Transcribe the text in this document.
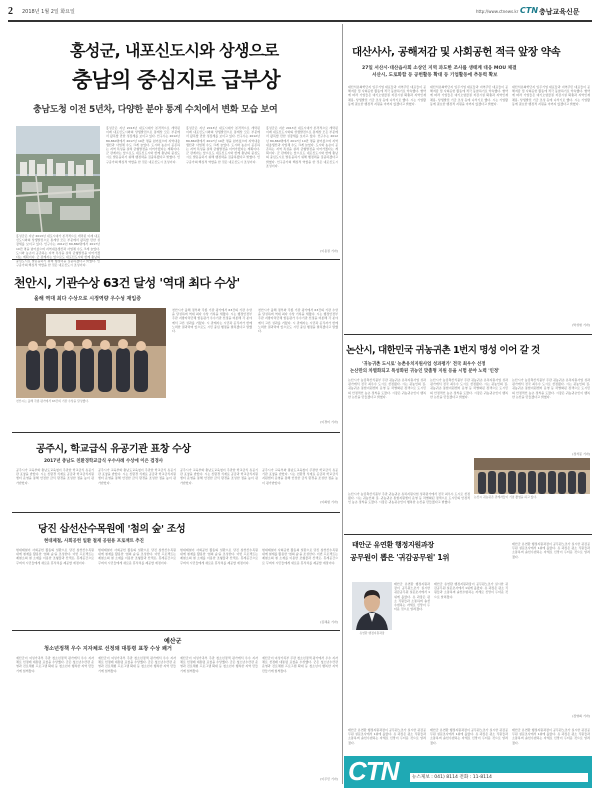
2 2018년 1월 2일 화요일	http://www.ctnews.kr CTN 충남교육신문
홍성군, 내포신도시와 상생으로
충남의 중심지로 급부상
충남도청 이전 5년차, 다양한 분야 통계 수치에서 변화 모습 보여
홍성군은 지난 2013년 내포시대가 본격적으로 개막된 이래 내포신도시와의 상생발전으로 통계상 모든 부문에서 괄목할 만한 성장세를 보이고 있다. 인구수는 2012년 89,860명에서 2017년 10만 명을 넘어섰으며 지역내총생산과 사업체 수도 크게 늘었다. 도시와 농촌이 공존하는 지역 특성을 살려 균형발전을 이어가겠다는 계획이다. 군 관계자는 앞으로도 내포신도시와 함께 충남의 중심도시로 발돋움하기 위해 행정력을 집중하겠다고 밝혔다. 인구증가의 핵심적 역할을 한 것은 내포신도시 조성이다.
홍성군은 지난 2013년 내포시대가 본격적으로 개막된 이래 내포신도시와의 상생발전으로 통계상 모든 부문에서 괄목할 만한 성장세를 보이고 있다. 인구수는 2012년 89,860명에서 2017년 10만 명을 넘어섰으며 지역내총생산과 사업체 수도 크게 늘었다. 도시와 농촌이 공존하는 지역 특성을 살려 균형발전을 이어가겠다는 계획이다. 군 관계자는 앞으로도 내포신도시와 함께 충남의 중심도시로 발돋움하기 위해 행정력을 집중하겠다고 밝혔다. 인구증가의 핵심적 역할을 한 것은 내포신도시 조성이다.
홍성군은 지난 2013년 내포시대가 본격적으로 개막된 이래 내포신도시와의 상생발전으로 통계상 모든 부문에서 괄목할 만한 성장세를 보이고 있다. 인구수는 2012년 89,860명에서 2017년 10만 명을 넘어섰으며 지역내총생산과 사업체 수도 크게 늘었다. 도시와 농촌이 공존하는 지역 특성을 살려 균형발전을 이어가겠다는 계획이다. 군 관계자는 앞으로도 내포신도시와 함께 충남의 중심도시로 발돋움하기 위해 행정력을 집중하겠다고 밝혔다. 인구증가의 핵심적 역할을 한 것은 내포신도시 조성이다.
홍성군은 지난 2013년 내포시대가 본격적으로 개막된 이래 내포신도시와의 상생발전으로 통계상 모든 부문에서 괄목할 만한 성장세를 보이고 있다. 인구수는 2012년 89,860명에서 2017년 10만 명을 넘어섰으며 지역내총생산과 사업체 수도 크게 늘었다. 도시와 농촌이 공존하는 지역 특성을 살려 균형발전을 이어가겠다는 계획이다. 군 관계자는 앞으로도 내포신도시와 함께 충남의 중심도시로 발돋움하기 위해 행정력을 집중하겠다고 밝혔다. 인구증가의 핵심적 역할을 한 것은 내포신도시 조성이다.
(이용권 기자)
대산사사, 공해저감 및 사회공헌 적극 앞장 약속
27일 서산시·대산읍사회 소상인 지역 과도한 조사를 생태계 대응 MOU 체결
서산시, 도로화합 등 공헌활동 확대 등 기업활동에 추동력 확보
대산석유화학단지 입주기업 대표들과 지역주민 대표들이 공해저감 및 사회공헌 활동에 적극 동참하기로 약속했다. 협약에 따라 기업들은 대기오염물질 저감시설 확충과 지역인재 채용, 상생발전 기금 조성 등에 나서기로 했다. 시는 기업활동에 필요한 행정적 지원을 아끼지 않겠다고 밝혔다.
대산석유화학단지 입주기업 대표들과 지역주민 대표들이 공해저감 및 사회공헌 활동에 적극 동참하기로 약속했다. 협약에 따라 기업들은 대기오염물질 저감시설 확충과 지역인재 채용, 상생발전 기금 조성 등에 나서기로 했다. 시는 기업활동에 필요한 행정적 지원을 아끼지 않겠다고 밝혔다.
대산석유화학단지 입주기업 대표들과 지역주민 대표들이 공해저감 및 사회공헌 활동에 적극 동참하기로 약속했다. 협약에 따라 기업들은 대기오염물질 저감시설 확충과 지역인재 채용, 상생발전 기금 조성 등에 나서기로 했다. 시는 기업활동에 필요한 행정적 지원을 아끼지 않겠다고 밝혔다.
(박성현 기자)
천안시, 기관수상 63건 달성 '역대 최다 수상'
올해 역대 최다 수상으로 시정역량 우수성 재입증
천안시는 올해 각종 평가에서 63건의 기관 수상을 달성했다.
천안시가 올해 정부와 각종 기관 평가에서 63건의 기관 수상을 달성하며 역대 최다 수상 기록을 세웠다. 시는 행정안전부 주관 지방자치단체 합동평가 우수기관 선정을 비롯해 각 분야에서 고른 성과를 거뒀다. 시 관계자는 시민과 공직자가 함께 노력한 결과라며 앞으로도 시민 중심 행정을 펼치겠다고 말했다.
천안시가 올해 정부와 각종 기관 평가에서 63건의 기관 수상을 달성하며 역대 최다 수상 기록을 세웠다. 시는 행정안전부 주관 지방자치단체 합동평가 우수기관 선정을 비롯해 각 분야에서 고른 성과를 거뒀다. 시 관계자는 시민과 공직자가 함께 노력한 결과라며 앞으로도 시민 중심 행정을 펼치겠다고 말했다.
(이경미 기자)
논산시, 대한민국 귀농귀촌 1번지 명성 이어 갈 것
'귀농귀촌 도시로' 농촌유치지원사업 성과평가' 전국 최우수 선정
논산만의 차별화되고 특성화된 귀농인 맞춤형 지원 등을 시험 분야 노력 '인정'
논산시가 농림축산식품부 주관 귀농귀촌 유치지원사업 성과평가에서 전국 최우수 도시로 선정됐다. 시는 귀농인의 집, 귀농귀촌 통합지원센터 운영 등 차별화된 정책으로 도시민의 안정적인 농촌 정착을 도왔다. 시장은 귀농귀촌인이 행복한 논산을 만들겠다고 밝혔다.
논산시가 농림축산식품부 주관 귀농귀촌 유치지원사업 성과평가에서 전국 최우수 도시로 선정됐다. 시는 귀농인의 집, 귀농귀촌 통합지원센터 운영 등 차별화된 정책으로 도시민의 안정적인 농촌 정착을 도왔다. 시장은 귀농귀촌인이 행복한 논산을 만들겠다고 밝혔다.
논산시가 농림축산식품부 주관 귀농귀촌 유치지원사업 성과평가에서 전국 최우수 도시로 선정됐다. 시는 귀농인의 집, 귀농귀촌 통합지원센터 운영 등 차별화된 정책으로 도시민의 안정적인 농촌 정착을 도왔다. 시장은 귀농귀촌인이 행복한 논산을 만들겠다고 밝혔다.
(정석봉 기자)
논산시가 농림축산식품부 주관 귀농귀촌 유치지원사업 성과평가에서 전국 최우수 도시로 선정됐다. 시는 귀농인의 집, 귀농귀촌 통합지원센터 운영 등 차별화된 정책으로 도시민의 안정적인 농촌 정착을 도왔다. 시장은 귀농귀촌인이 행복한 논산을 만들겠다고 밝혔다.
논산시 귀농귀촌 관계자들이 기념 촬영을 하고 있다.
공주시, 학교급식 유공기관 표창 수상
2017년 충남도 친환경학교급식 우수사례 수상에 이은 겹경사
공주시가 교육부와 충남도교육청이 주관한 학교급식 유공기관 표창을 받았다. 시는 친환경 식재료 공급과 학교급식지원센터 운영을 통해 안전한 급식 환경을 조성한 점을 높이 평가받았다.
공주시가 교육부와 충남도교육청이 주관한 학교급식 유공기관 표창을 받았다. 시는 친환경 식재료 공급과 학교급식지원센터 운영을 통해 안전한 급식 환경을 조성한 점을 높이 평가받았다.
공주시가 교육부와 충남도교육청이 주관한 학교급식 유공기관 표창을 받았다. 시는 친환경 식재료 공급과 학교급식지원센터 운영을 통해 안전한 급식 환경을 조성한 점을 높이 평가받았다.
공주시가 교육부와 충남도교육청이 주관한 학교급식 유공기관 표창을 받았다. 시는 친환경 식재료 공급과 학교급식지원센터 운영을 통해 안전한 급식 환경을 조성한 점을 높이 평가받았다.
(이희범 기자)
당진 삽선산수목원에 '첨의 숲' 조성
현대제철, 사회공헌 일환 철재 공원용 프로젝트 추진
현대제철이 사회공헌 활동의 일환으로 당진 삽선산수목원 내에 철재를 활용한 '첨의 숲'을 조성한다. 이번 프로젝트는 제철소의 철 소재를 이용한 조형물과 산책로, 휴게공간으로 꾸며져 시민들에게 새로운 휴식처를 제공할 예정이다.
현대제철이 사회공헌 활동의 일환으로 당진 삽선산수목원 내에 철재를 활용한 '첨의 숲'을 조성한다. 이번 프로젝트는 제철소의 철 소재를 이용한 조형물과 산책로, 휴게공간으로 꾸며져 시민들에게 새로운 휴식처를 제공할 예정이다.
현대제철이 사회공헌 활동의 일환으로 당진 삽선산수목원 내에 철재를 활용한 '첨의 숲'을 조성한다. 이번 프로젝트는 제철소의 철 소재를 이용한 조형물과 산책로, 휴게공간으로 꾸며져 시민들에게 새로운 휴식처를 제공할 예정이다.
현대제철이 사회공헌 활동의 일환으로 당진 삽선산수목원 내에 철재를 활용한 '첨의 숲'을 조성한다. 이번 프로젝트는 제철소의 철 소재를 이용한 조형물과 산책로, 휴게공간으로 꾸며져 시민들에게 새로운 휴식처를 제공할 예정이다.
(김혜윤 기자)
태안군 유연환 행정지원과장
공무원이 뽑은 '귀감공무원' 1위
유연환 행정지원과장
태안군 유연환 행정지원과장이 공무원노조가 실시한 귀감공무원 설문조사에서 1위에 올랐다. 유 과장은 평소 직원들과 소통하며 솔선수범하는 자세로 신망이 두터운 것으로 알려졌다.
태안군 유연환 행정지원과장이 공무원노조가 실시한 귀감공무원 설문조사에서 1위에 올랐다. 유 과장은 평소 직원들과 소통하며 솔선수범하는 자세로 신망이 두터운 것으로 알려졌다.
태안군 유연환 행정지원과장이 공무원노조가 실시한 귀감공무원 설문조사에서 1위에 올랐다. 유 과장은 평소 직원들과 소통하며 솔선수범하는 자세로 신망이 두터운 것으로 알려졌다.
(장영희 기자)
예산군
청소년정책 우수 지자체로 선정돼 대통령 표창 수상 쾌거
예산군이 여성가족부 주관 청소년정책 평가에서 우수 지자체로 선정돼 대통령 표창을 수상했다. 군은 청소년수련관 운영과 진로체험 프로그램 확대 등 청소년이 행복한 지역 만들기에 힘써왔다.
예산군이 여성가족부 주관 청소년정책 평가에서 우수 지자체로 선정돼 대통령 표창을 수상했다. 군은 청소년수련관 운영과 진로체험 프로그램 확대 등 청소년이 행복한 지역 만들기에 힘써왔다.
예산군이 여성가족부 주관 청소년정책 평가에서 우수 지자체로 선정돼 대통령 표창을 수상했다. 군은 청소년수련관 운영과 진로체험 프로그램 확대 등 청소년이 행복한 지역 만들기에 힘써왔다.
예산군이 여성가족부 주관 청소년정책 평가에서 우수 지자체로 선정돼 대통령 표창을 수상했다. 군은 청소년수련관 운영과 진로체험 프로그램 확대 등 청소년이 행복한 지역 만들기에 힘써왔다.
(이주민 기자)
태안군 유연환 행정지원과장이 공무원노조가 실시한 귀감공무원 설문조사에서 1위에 올랐다. 유 과장은 평소 직원들과 소통하며 솔선수범하는 자세로 신망이 두터운 것으로 알려졌다.
태안군 유연환 행정지원과장이 공무원노조가 실시한 귀감공무원 설문조사에서 1위에 올랐다. 유 과장은 평소 직원들과 소통하며 솔선수범하는 자세로 신망이 두터운 것으로 알려졌다.
태안군 유연환 행정지원과장이 공무원노조가 실시한 귀감공무원 설문조사에서 1위에 올랐다. 유 과장은 평소 직원들과 소통하며 솔선수범하는 자세로 신망이 두터운 것으로 알려졌다.
CTN	뉴스제보 : 041) 8114 전화 : 11-8114
